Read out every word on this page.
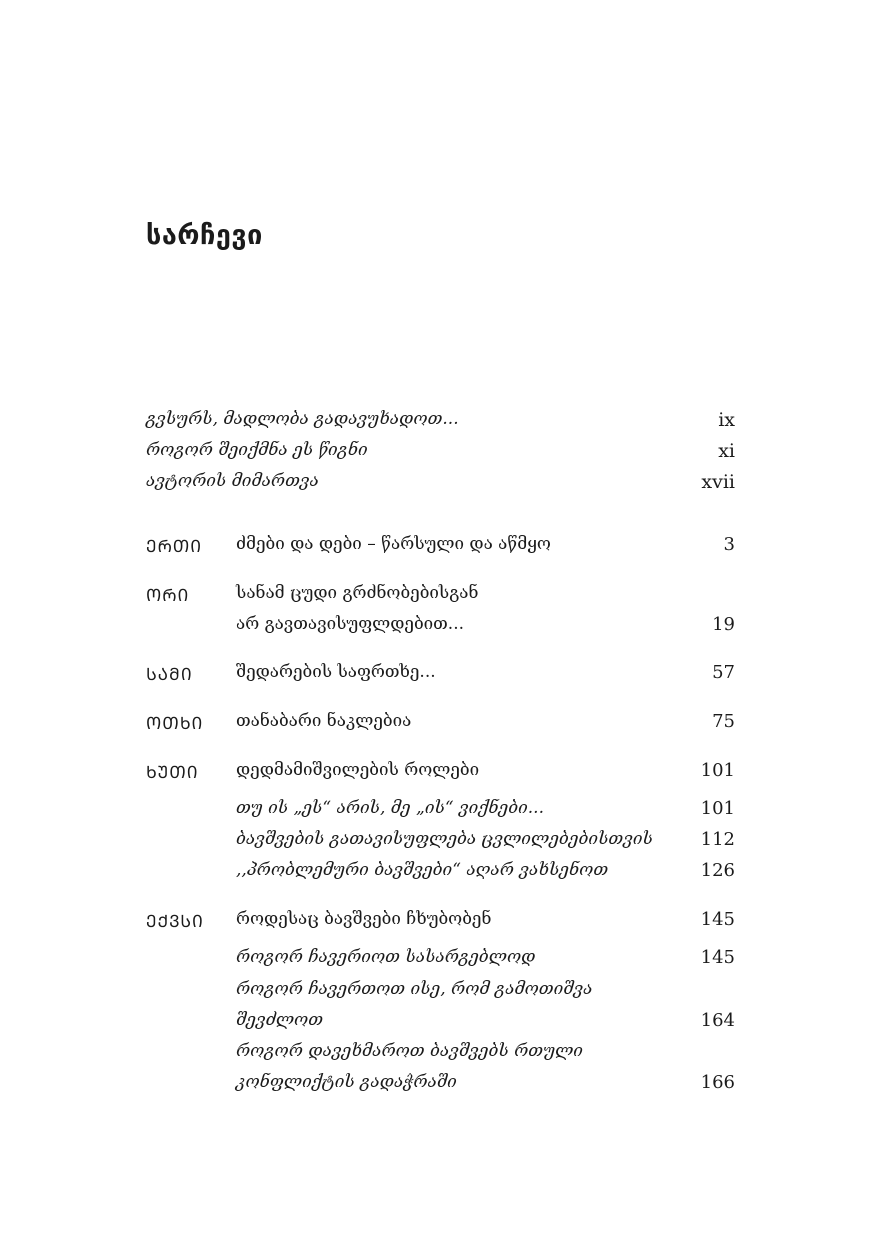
სარჩევი
გვსურს, მადლობა გადავუხადოთ...	ix
როგორ შეიქმნა ეს წიგნი	xi
ავტორის მიმართვა	xvii
ᲔᲠᲗᲘ ძმები და დები – წარსული და აწმყო	3
ᲝᲠᲘ	სანამ ცუდი გრძნობებისგან
არ გავთავისუფლდებით...	19
ᲡᲐᲛᲘ	შედარების საფრთხე...	57
ᲝᲗᲮᲘ თანაბარი ნაკლებია	75
ᲮᲣᲗᲘ დედმამიშვილების როლები	101
თუ ის „ეს“ არის, მე „ის“ ვიქნები...	101
ბავშვების გათავისუფლება ცვლილებებისთვის	112
,,პრობლემური ბავშვები“ აღარ ვახსენოთ	126
ᲔᲥᲕᲡᲘ როდესაც ბავშვები ჩხუბობენ	145
როგორ ჩავერიოთ სასარგებლოდ	145
როგორ ჩავერთოთ ისე, რომ გამოთიშვა
შევძლოთ	164
როგორ დავეხმაროთ ბავშვებს რთული
კონფლიქტის გადაჭრაში	166
